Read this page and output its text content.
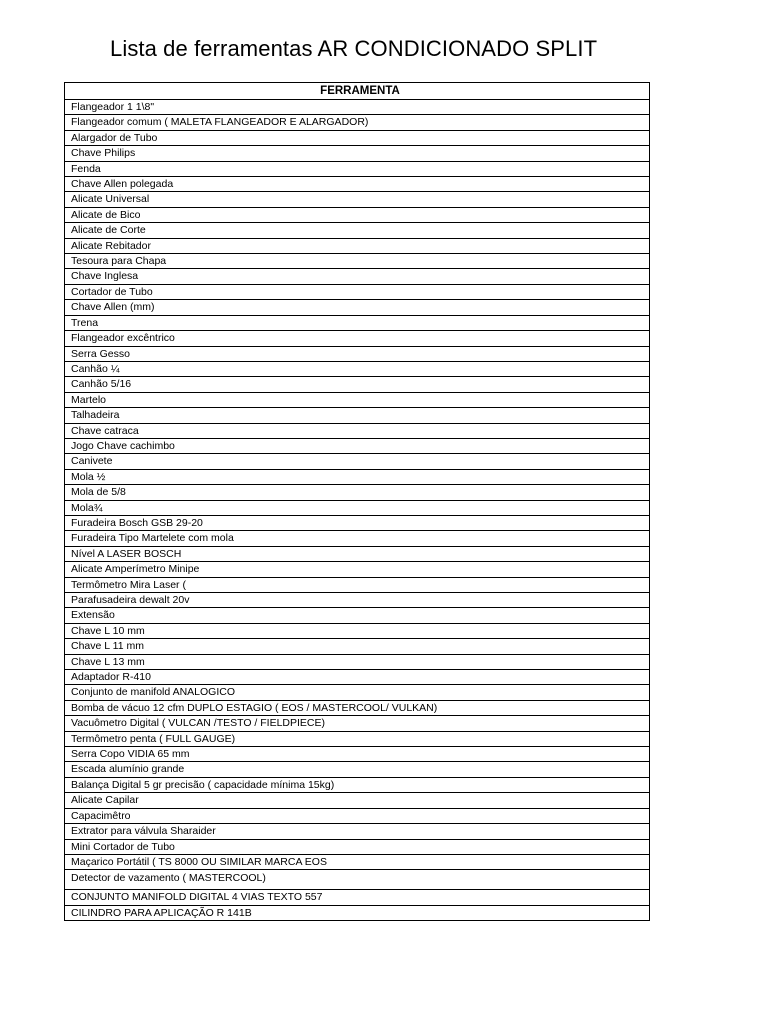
Lista de ferramentas AR CONDICIONADO SPLIT
FERRAMENTA
Flangeador 1 1\8"
Flangeador comum ( MALETA FLANGEADOR E ALARGADOR)
Alargador de Tubo
Chave Philips
Fenda
Chave Allen polegada
Alicate Universal
Alicate de Bico
Alicate de Corte
Alicate Rebitador
Tesoura para Chapa
Chave Inglesa
Cortador de Tubo
Chave Allen (mm)
Trena
Flangeador excêntrico
Serra Gesso
Canhão ¼
Canhão 5/16
Martelo
Talhadeira
Chave catraca
Jogo Chave cachimbo
Canivete
Mola ½
Mola de 5/8
Mola¾
Furadeira Bosch GSB 29-20
Furadeira Tipo Martelete com mola
Nível A LASER BOSCH
Alicate Amperímetro Minipe
Termômetro Mira Laser (
Parafusadeira dewalt 20v
Extensão
Chave L 10 mm
Chave L 11 mm
Chave L 13 mm
Adaptador R-410
Conjunto de manifold ANALOGICO
Bomba de vácuo 12 cfm DUPLO ESTAGIO ( EOS / MASTERCOOL/ VULKAN)
Vacuômetro Digital ( VULCAN /TESTO / FIELDPIECE)
Termômetro penta ( FULL GAUGE)
Serra Copo VIDIA 65 mm
Escada alumínio grande
Balança Digital 5 gr precisão ( capacidade mínima 15kg)
Alicate Capilar
Capacimêtro
Extrator para válvula Sharaider
Mini Cortador de Tubo
Maçarico Portátil ( TS 8000 OU SIMILAR MARCA EOS
Detector de vazamento ( MASTERCOOL)
CONJUNTO MANIFOLD DIGITAL 4 VIAS TEXTO 557
CILINDRO PARA APLICAÇÃO R 141B
